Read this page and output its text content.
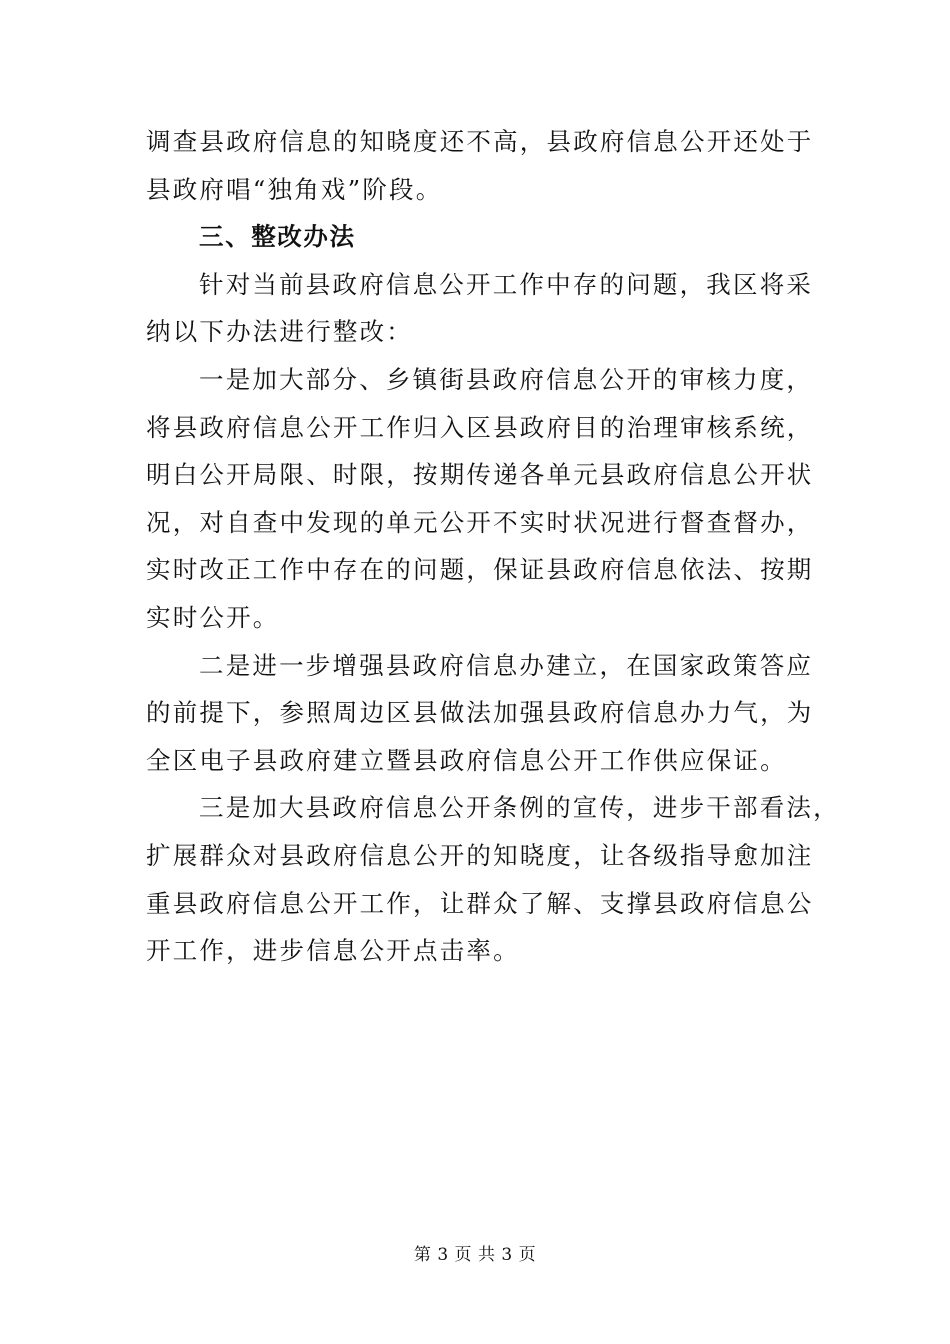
调查县政府信息的知晓度还不高，县政府信息公开还处于
县政府唱“独角戏”阶段。
三、整改办法
针对当前县政府信息公开工作中存的问题，我区将采
纳以下办法进行整改：
一是加大部分、乡镇街县政府信息公开的审核力度，
将县政府信息公开工作归入区县政府目的治理审核系统，
明白公开局限、时限，按期传递各单元县政府信息公开状
况，对自查中发现的单元公开不实时状况进行督查督办，
实时改正工作中存在的问题，保证县政府信息依法、按期
实时公开。
二是进一步增强县政府信息办建立，在国家政策答应
的前提下，参照周边区县做法加强县政府信息办力气，为
全区电子县政府建立暨县政府信息公开工作供应保证。
三是加大县政府信息公开条例的宣传，进步干部看法，
扩展群众对县政府信息公开的知晓度，让各级指导愈加注
重县政府信息公开工作，让群众了解、支撑县政府信息公
开工作，进步信息公开点击率。
第 3 页 共 3 页
